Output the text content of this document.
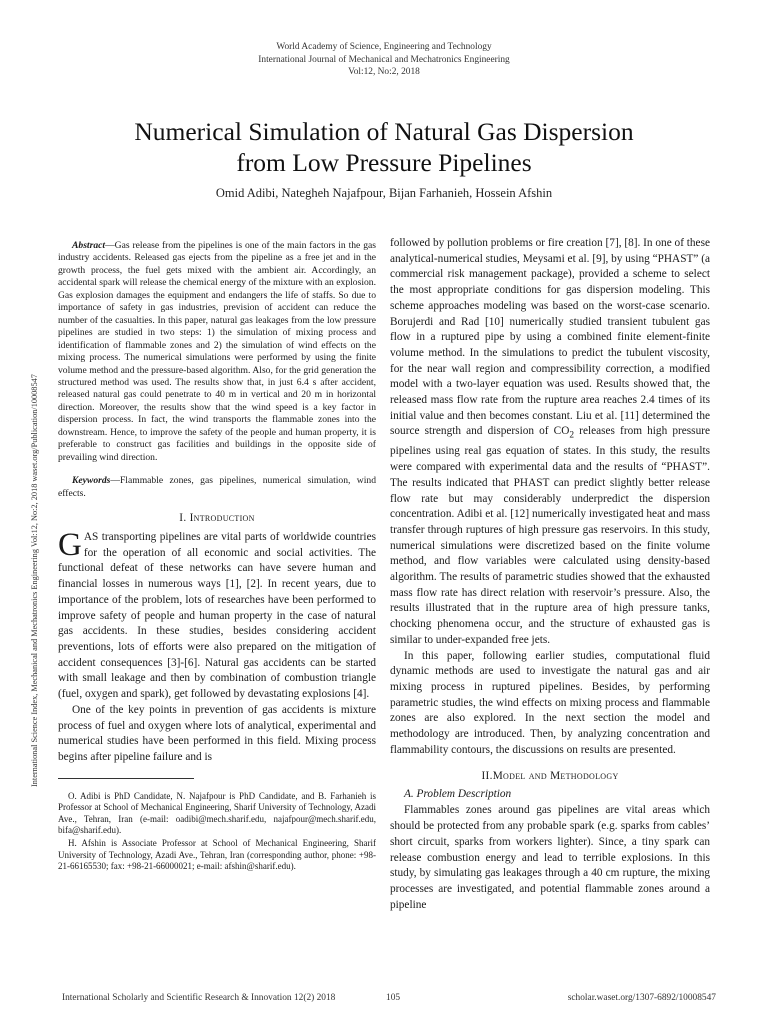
World Academy of Science, Engineering and Technology
International Journal of Mechanical and Mechatronics Engineering
Vol:12, No:2, 2018
Numerical Simulation of Natural Gas Dispersion
from Low Pressure Pipelines
Omid Adibi, Nategheh Najafpour, Bijan Farhanieh, Hossein Afshin
International Science Index, Mechanical and Mechatronics Engineering Vol:12, No:2, 2018 waset.org/Publication/10008547

Abstract—Gas release from the pipelines is one of the main factors in the gas industry accidents. Released gas ejects from the pipeline as a free jet and in the growth process, the fuel gets mixed with the ambient air. Accordingly, an accidental spark will release the chemical energy of the mixture with an explosion. Gas explosion damages the equipment and endangers the life of staffs. So due to importance of safety in gas industries, prevision of accident can reduce the number of the casualties. In this paper, natural gas leakages from the low pressure pipelines are studied in two steps: 1) the simulation of mixing process and identification of flammable zones and 2) the simulation of wind effects on the mixing process. The numerical simulations were performed by using the finite volume method and the pressure-based algorithm. Also, for the grid generation the structured method was used. The results show that, in just 6.4 s after accident, released natural gas could penetrate to 40 m in vertical and 20 m in horizontal direction. Moreover, the results show that the wind speed is a key factor in dispersion process. In fact, the wind transports the flammable zones into the downstream. Hence, to improve the safety of the people and human property, it is preferable to construct gas facilities and buildings in the opposite side of prevailing wind direction.

Keywords—Flammable zones, gas pipelines, numerical simulation, wind effects.

I. Introduction

GAS transporting pipelines are vital parts of worldwide countries for the operation of all economic and social activities. The functional defeat of these networks can have severe human and financial losses in numerous ways [1], [2]. In recent years, due to importance of the problem, lots of researches have been performed to improve safety of people and human property in the case of natural gas accidents. In these studies, besides considering accident preventions, lots of efforts were also prepared on the mitigation of accident consequences [3]-[6]. Natural gas accidents can be started with small leakage and then by combination of combustion triangle (fuel, oxygen and spark), get followed by devastating explosions [4].

One of the key points in prevention of gas accidents is mixture process of fuel and oxygen where lots of analytical, experimental and numerical studies have been performed in this field. Mixing process begins after pipeline failure and is

O. Adibi is PhD Candidate, N. Najafpour is PhD Candidate, and B. Farhanieh is Professor at School of Mechanical Engineering, Sharif University of Technology, Azadi Ave., Tehran, Iran (e-mail: oadibi@mech.sharif.edu, najafpour@mech.sharif.edu, bifa@sharif.edu).

H. Afshin is Associate Professor at School of Mechanical Engineering, Sharif University of Technology, Azadi Ave., Tehran, Iran (corresponding author, phone: +98-21-66165530; fax: +98-21-66000021; e-mail: afshin@sharif.edu).

followed by pollution problems or fire creation [7], [8]. In one of these analytical-numerical studies, Meysami et al. [9], by using “PHAST” (a commercial risk management package), provided a scheme to select the most appropriate conditions for gas dispersion modeling. This scheme approaches modeling was based on the worst-case scenario. Borujerdi and Rad [10] numerically studied transient tubulent gas flow in a ruptured pipe by using a combined finite element-finite volume method. In the simulations to predict the tubulent viscosity, for the near wall region and compressibility correction, a modified model with a two-layer equation was used. Results showed that, the released mass flow rate from the rupture area reaches 2.4 times of its initial value and then becomes constant. Liu et al. [11] determined the source strength and dispersion of $CO_2$ releases from high pressure pipelines using real gas equation of states. In this study, the results were compared with experimental data and the results of “PHAST”. The results indicated that PHAST can predict slightly better release flow rate but may considerably underpredict the dispersion concentration. Adibi et al. [12] numerically investigated heat and mass transfer through ruptures of high pressure gas reservoirs. In this study, numerical simulations were discretized based on the finite volume method, and flow variables were calculated using density-based algorithm. The results of parametric studies showed that the exhausted mass flow rate has direct relation with reservoir’s pressure. Also, the results illustrated that in the rupture area of high pressure tanks, chocking phenomena occur, and the structure of exhausted gas is similar to under-expanded free jets.

In this paper, following earlier studies, computational fluid dynamic methods are used to investigate the natural gas and air mixing process in ruptured pipelines. Besides, by performing parametric studies, the wind effects on mixing process and flammable zones are also explored. In the next section the model and methodology are introduced. Then, by analyzing concentration and flammability contours, the discussions on results are presented.

II.Model and Methodology
A. Problem Description

Flammables zones around gas pipelines are vital areas which should be protected from any probable spark (e.g. sparks from cables’ short circuit, sparks from workers lighter). Since, a tiny spark can release combustion energy and lead to terrible explosions. In this study, by simulating gas leakages through a 40 cm rupture, the mixing processes are investigated, and potential flammable zones around a pipeline

International Scholarly and Scientific Research & Innovation 12(2) 2018	105	scholar.waset.org/1307-6892/10008547
